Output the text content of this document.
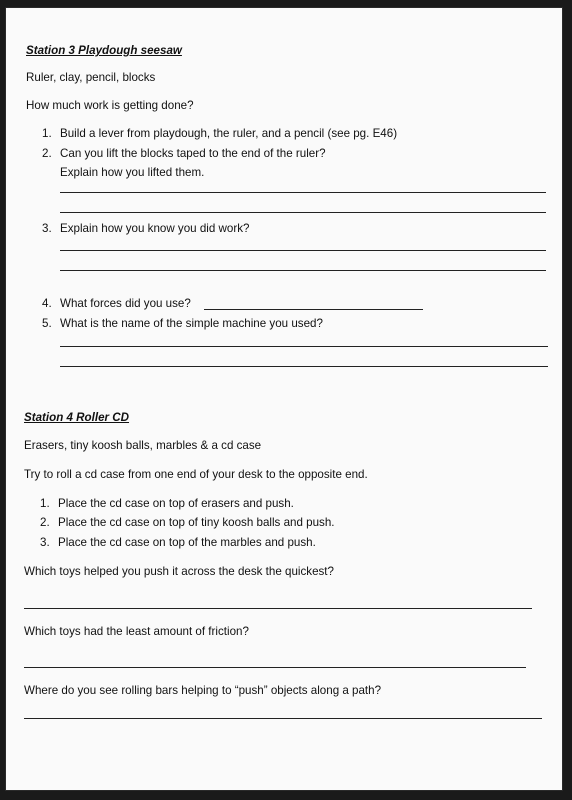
Station 3 Playdough seesaw
Ruler, clay, pencil, blocks
How much work is getting done?
1. Build a lever from playdough, the ruler, and a pencil (see pg. E46)
2. Can you lift the blocks taped to the end of the ruler?
Explain how you lifted them.
3. Explain how you know you did work?
4. What forces did you use?
5. What is the name of the simple machine you used?
Station 4 Roller CD
Erasers, tiny koosh balls, marbles & a cd case
Try to roll a cd case from one end of your desk to the opposite end.
1. Place the cd case on top of erasers and push.
2. Place the cd case on top of tiny koosh balls and push.
3. Place the cd case on top of the marbles and push.
Which toys helped you push it across the desk the quickest?
Which toys had the least amount of friction?
Where do you see rolling bars helping to “push” objects along a path?
